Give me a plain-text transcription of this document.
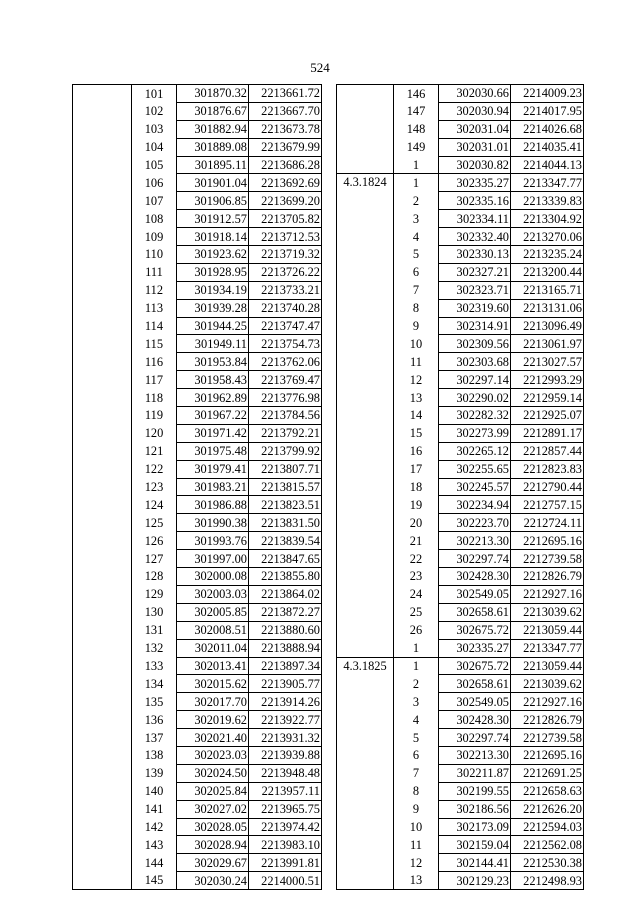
524
	101	301870.32	2213661.72
	102	301876.67	2213667.70
	103	301882.94	2213673.78
	104	301889.08	2213679.99
	105	301895.11	2213686.28
	106	301901.04	2213692.69
	107	301906.85	2213699.20
	108	301912.57	2213705.82
	109	301918.14	2213712.53
	110	301923.62	2213719.32
	111	301928.95	2213726.22
	112	301934.19	2213733.21
	113	301939.28	2213740.28
	114	301944.25	2213747.47
	115	301949.11	2213754.73
	116	301953.84	2213762.06
	117	301958.43	2213769.47
	118	301962.89	2213776.98
	119	301967.22	2213784.56
	120	301971.42	2213792.21
	121	301975.48	2213799.92
	122	301979.41	2213807.71
	123	301983.21	2213815.57
	124	301986.88	2213823.51
	125	301990.38	2213831.50
	126	301993.76	2213839.54
	127	301997.00	2213847.65
	128	302000.08	2213855.80
	129	302003.03	2213864.02
	130	302005.85	2213872.27
	131	302008.51	2213880.60
	132	302011.04	2213888.94
	133	302013.41	2213897.34
	134	302015.62	2213905.77
	135	302017.70	2213914.26
	136	302019.62	2213922.77
	137	302021.40	2213931.32
	138	302023.03	2213939.88
	139	302024.50	2213948.48
	140	302025.84	2213957.11
	141	302027.02	2213965.75
	142	302028.05	2213974.42
	143	302028.94	2213983.10
	144	302029.67	2213991.81
	145	302030.24	2214000.51
	146	302030.66	2214009.23
	147	302030.94	2214017.95
	148	302031.04	2214026.68
	149	302031.01	2214035.41
	1	302030.82	2214044.13
4.3.1824	1	302335.27	2213347.77
	2	302335.16	2213339.83
	3	302334.11	2213304.92
	4	302332.40	2213270.06
	5	302330.13	2213235.24
	6	302327.21	2213200.44
	7	302323.71	2213165.71
	8	302319.60	2213131.06
	9	302314.91	2213096.49
	10	302309.56	2213061.97
	11	302303.68	2213027.57
	12	302297.14	2212993.29
	13	302290.02	2212959.14
	14	302282.32	2212925.07
	15	302273.99	2212891.17
	16	302265.12	2212857.44
	17	302255.65	2212823.83
	18	302245.57	2212790.44
	19	302234.94	2212757.15
	20	302223.70	2212724.11
	21	302213.30	2212695.16
	22	302297.74	2212739.58
	23	302428.30	2212826.79
	24	302549.05	2212927.16
	25	302658.61	2213039.62
	26	302675.72	2213059.44
	1	302335.27	2213347.77
4.3.1825	1	302675.72	2213059.44
	2	302658.61	2213039.62
	3	302549.05	2212927.16
	4	302428.30	2212826.79
	5	302297.74	2212739.58
	6	302213.30	2212695.16
	7	302211.87	2212691.25
	8	302199.55	2212658.63
	9	302186.56	2212626.20
	10	302173.09	2212594.03
	11	302159.04	2212562.08
	12	302144.41	2212530.38
	13	302129.23	2212498.93
